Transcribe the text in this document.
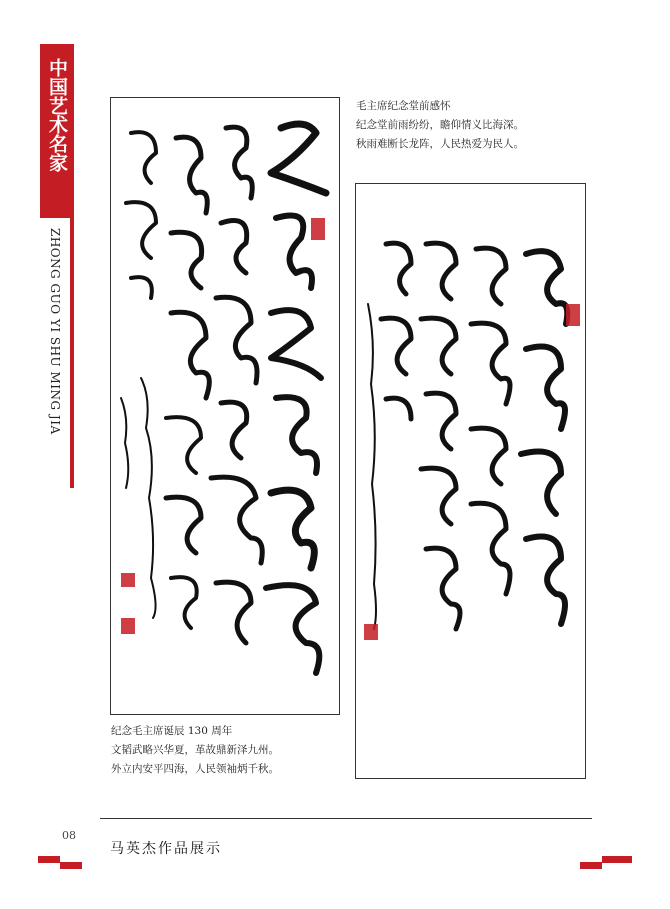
中国艺术名家
ZHONG GUO YI SHU MING JIA
毛主席纪念堂前感怀
纪念堂前雨纷纷，瞻仰情义比海深。
秋雨难断长龙阵，人民热爱为民人。
纪念毛主席诞辰 130 周年
文韬武略兴华夏，革故鼎新泽九州。
外立内安平四海，人民领袖炳千秋。
08
马英杰作品展示
